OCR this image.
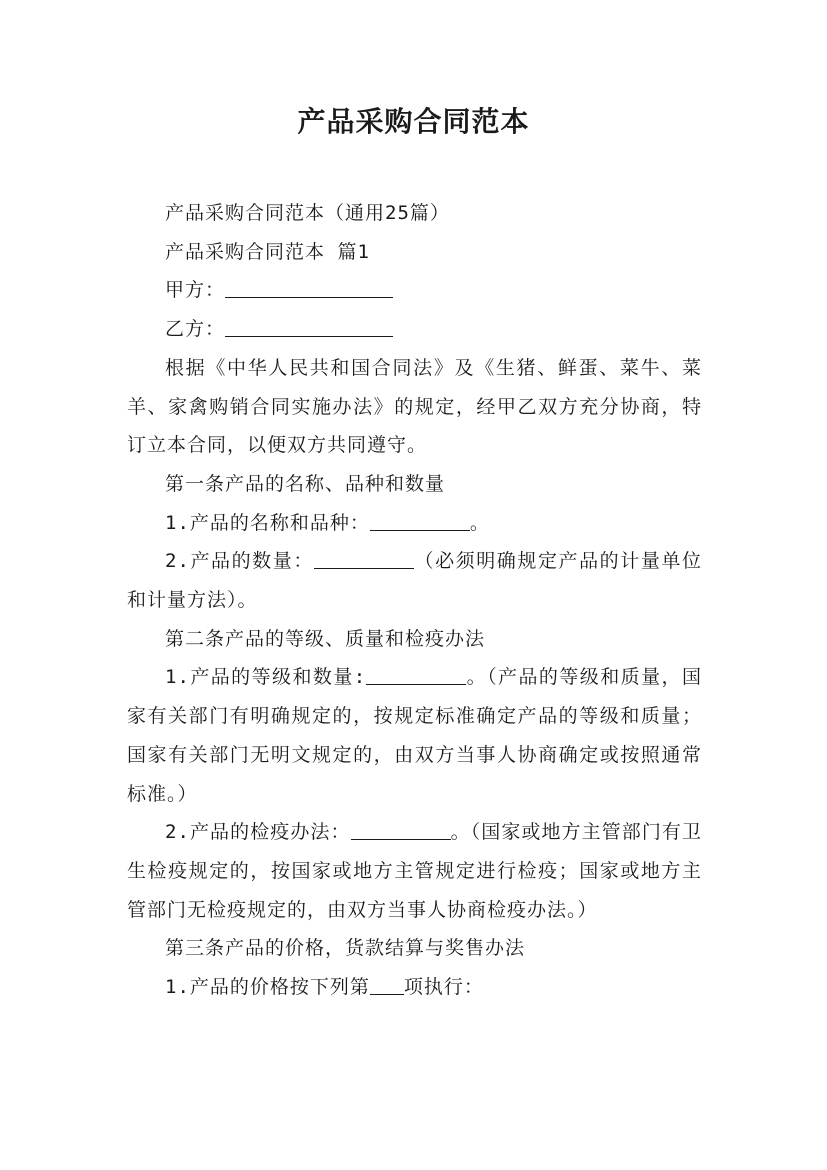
产品采购合同范本

产品采购合同范本（通用25篇）

产品采购合同范本 篇1

甲方：

乙方：

根据《中华人民共和国合同法》及《生猪、鲜蛋、菜牛、菜羊、家禽购销合同实施办法》的规定，经甲乙双方充分协商，特订立本合同，以便双方共同遵守。

第一条产品的名称、品种和数量

1.产品的名称和品种：	。

2.产品的数量：	（必须明确规定产品的计量单位和计量方法）。

第二条产品的等级、质量和检疫办法

1.产品的等级和数量:	。（产品的等级和质量，国家有关部门有明确规定的，按规定标准确定产品的等级和质量；国家有关部门无明文规定的，由双方当事人协商确定或按照通常标准。）

2.产品的检疫办法：	。（国家或地方主管部门有卫生检疫规定的，按国家或地方主管规定进行检疫；国家或地方主管部门无检疫规定的，由双方当事人协商检疫办法。）

第三条产品的价格，货款结算与奖售办法

1.产品的价格按下列第 项执行：
